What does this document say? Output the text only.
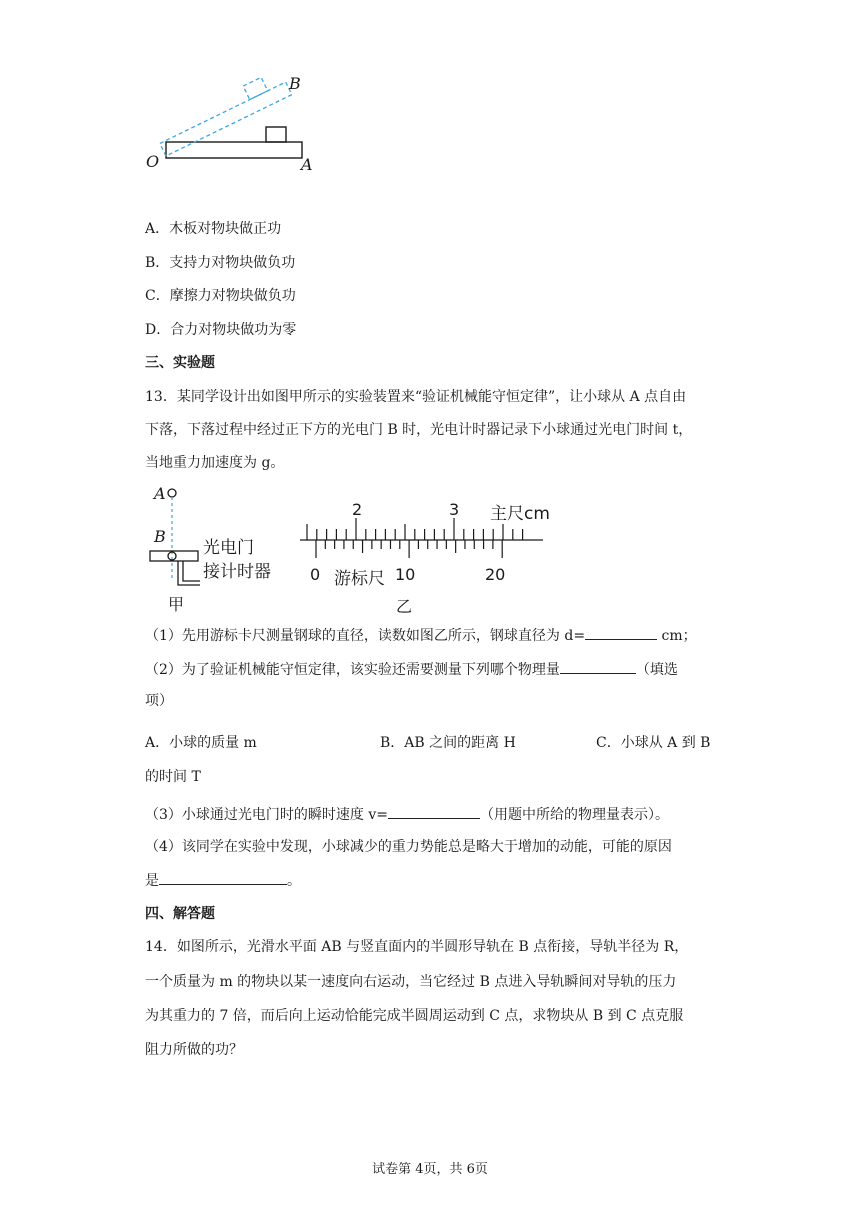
O	A
B
A．木板对物块做正功
B．支持力对物块做负功
C．摩擦力对物块做负功
D．合力对物块做功为零
三、实验题
13．某同学设计出如图甲所示的实验装置来“验证机械能守恒定律”，让小球从 A 点自由
下落，下落过程中经过正下方的光电门 B 时，光电计时器记录下小球通过光电门时间 t，
当地重力加速度为 g。
A
B
光电门
接计时器
甲
2	3 主尺cm
0 游标尺 10	20
乙
（1）先用游标卡尺测量钢球的直径，读数如图乙所示，钢球直径为 d=	cm；
（2）为了验证机械能守恒定律，该实验还需要测量下列哪个物理量	（填选
项）
A．小球的质量 m	B．AB 之间的距离 H	C．小球从 A 到 B
的时间 T
（3）小球通过光电门时的瞬时速度 v=	（用题中所给的物理量表示）。
（4）该同学在实验中发现，小球减少的重力势能总是略大于增加的动能，可能的原因
是	。
四、解答题
14．如图所示，光滑水平面 AB 与竖直面内的半圆形导轨在 B 点衔接，导轨半径为 R，
一个质量为 m 的物块以某一速度向右运动，当它经过 B 点进入导轨瞬间对导轨的压力
为其重力的 7 倍，而后向上运动恰能完成半圆周运动到 C 点，求物块从 B 到 C 点克服
阻力所做的功？
试卷第 4页，共 6页
